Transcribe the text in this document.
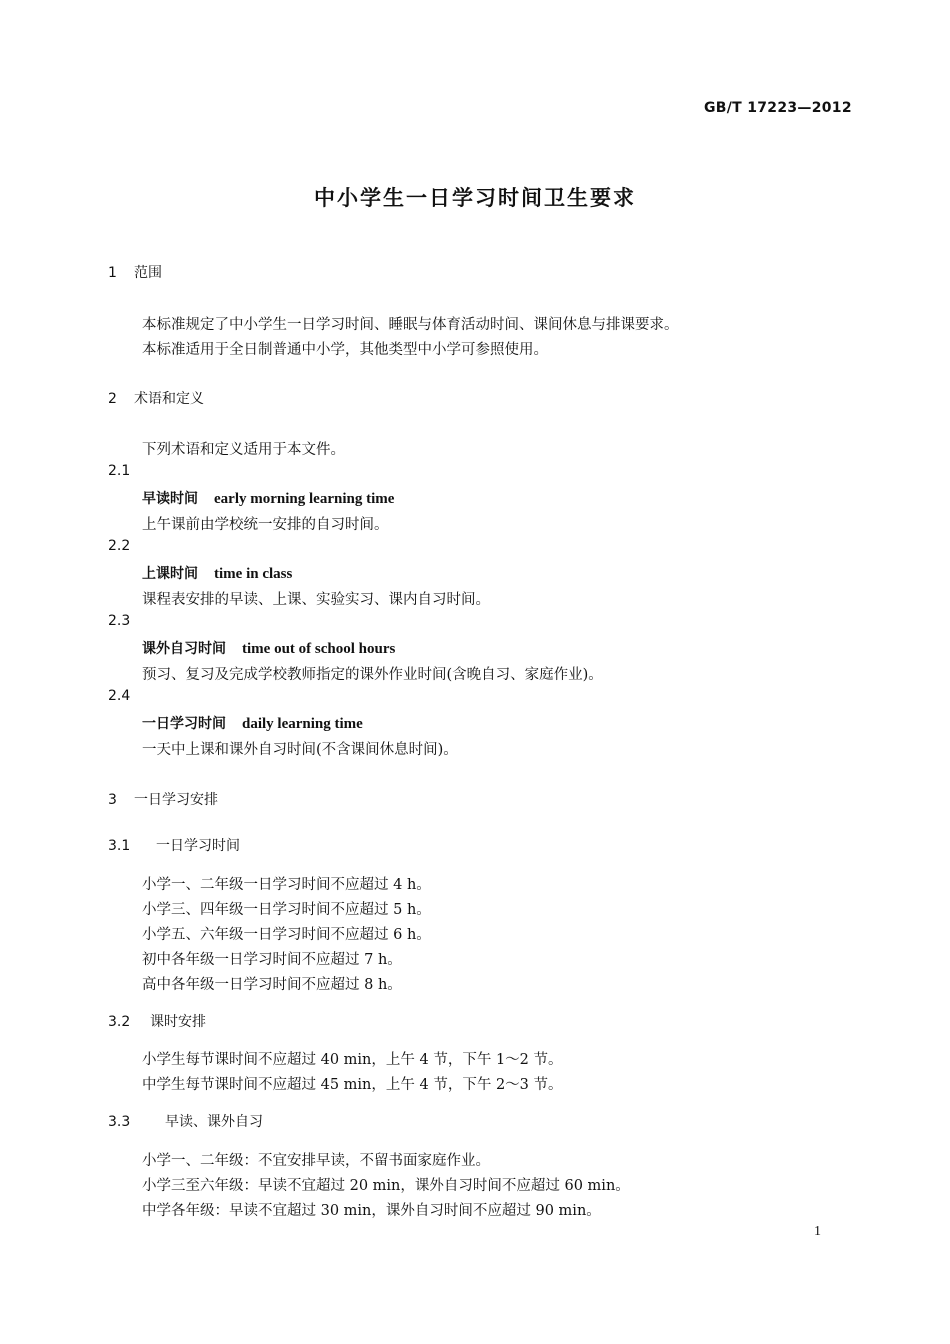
GB/T 17223—2012
中小学生一日学习时间卫生要求
1 范围
本标准规定了中小学生一日学习时间、睡眠与体育活动时间、课间休息与排课要求。
本标准适用于全日制普通中小学，其他类型中小学可参照使用。
2 术语和定义
下列术语和定义适用于本文件。
2.1
早读时间 early morning learning time
上午课前由学校统一安排的自习时间。
2.2
上课时间 time in class
课程表安排的早读、上课、实验实习、课内自习时间。
2.3
课外自习时间 time out of school hours
预习、复习及完成学校教师指定的课外作业时间(含晚自习、家庭作业)。
2.4
一日学习时间 daily learning time
一天中上课和课外自习时间(不含课间休息时间)。
3 一日学习安排
3.1 一日学习时间
小学一、二年级一日学习时间不应超过 4 h。
小学三、四年级一日学习时间不应超过 5 h。
小学五、六年级一日学习时间不应超过 6 h。
初中各年级一日学习时间不应超过 7 h。
高中各年级一日学习时间不应超过 8 h。
3.2 课时安排
小学生每节课时间不应超过 40 min，上午 4 节，下午 1～2 节。
中学生每节课时间不应超过 45 min，上午 4 节，下午 2～3 节。
3.3 早读、课外自习
小学一、二年级：不宜安排早读，不留书面家庭作业。
小学三至六年级：早读不宜超过 20 min，课外自习时间不应超过 60 min。
中学各年级：早读不宜超过 30 min，课外自习时间不应超过 90 min。
1
